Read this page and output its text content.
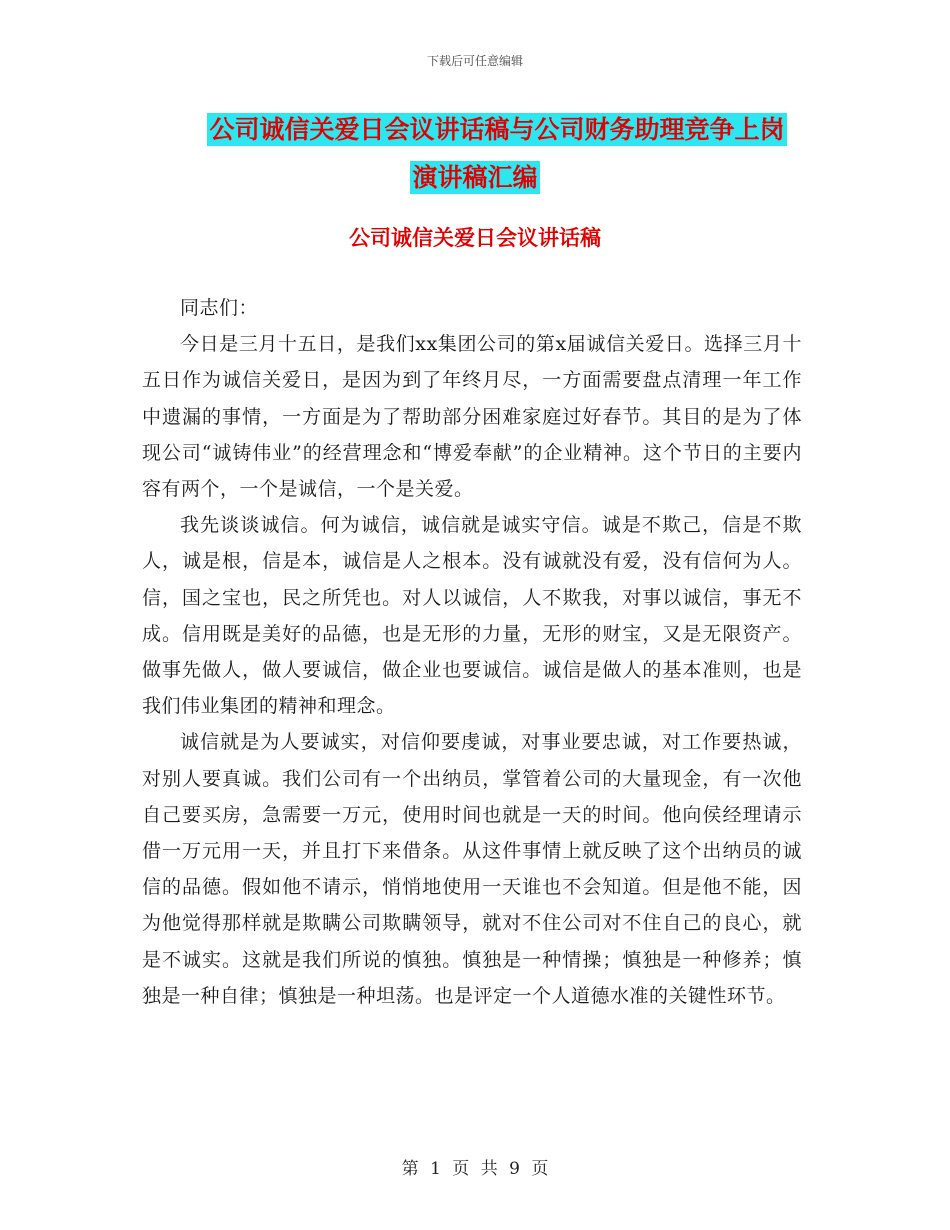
下载后可任意编辑
公司诚信关爱日会议讲话稿与公司财务助理竞争上岗
演讲稿汇编
公司诚信关爱日会议讲话稿

同志们：

今日是三月十五日，是我们xx集团公司的第x届诚信关爱日。选择三月十五日作为诚信关爱日，是因为到了年终月尽，一方面需要盘点清理一年工作中遗漏的事情，一方面是为了帮助部分困难家庭过好春节。其目的是为了体现公司“诚铸伟业”的经营理念和“博爱奉献”的企业精神。这个节日的主要内容有两个，一个是诚信，一个是关爱。

我先谈谈诚信。何为诚信，诚信就是诚实守信。诚是不欺己，信是不欺人，诚是根，信是本，诚信是人之根本。没有诚就没有爱，没有信何为人。信，国之宝也，民之所凭也。对人以诚信，人不欺我，对事以诚信，事无不成。信用既是美好的品德，也是无形的力量，无形的财宝，又是无限资产。做事先做人，做人要诚信，做企业也要诚信。诚信是做人的基本准则，也是我们伟业集团的精神和理念。

诚信就是为人要诚实，对信仰要虔诚，对事业要忠诚，对工作要热诚，对别人要真诚。我们公司有一个出纳员，掌管着公司的大量现金，有一次他自己要买房，急需要一万元，使用时间也就是一天的时间。他向侯经理请示借一万元用一天，并且打下来借条。从这件事情上就反映了这个出纳员的诚信的品德。假如他不请示，悄悄地使用一天谁也不会知道。但是他不能，因为他觉得那样就是欺瞒公司欺瞒领导，就对不住公司对不住自己的良心，就是不诚实。这就是我们所说的慎独。慎独是一种情操；慎独是一种修养；慎独是一种自律；慎独是一种坦荡。也是评定一个人道德水准的关键性环节。

第 1 页 共 9 页
